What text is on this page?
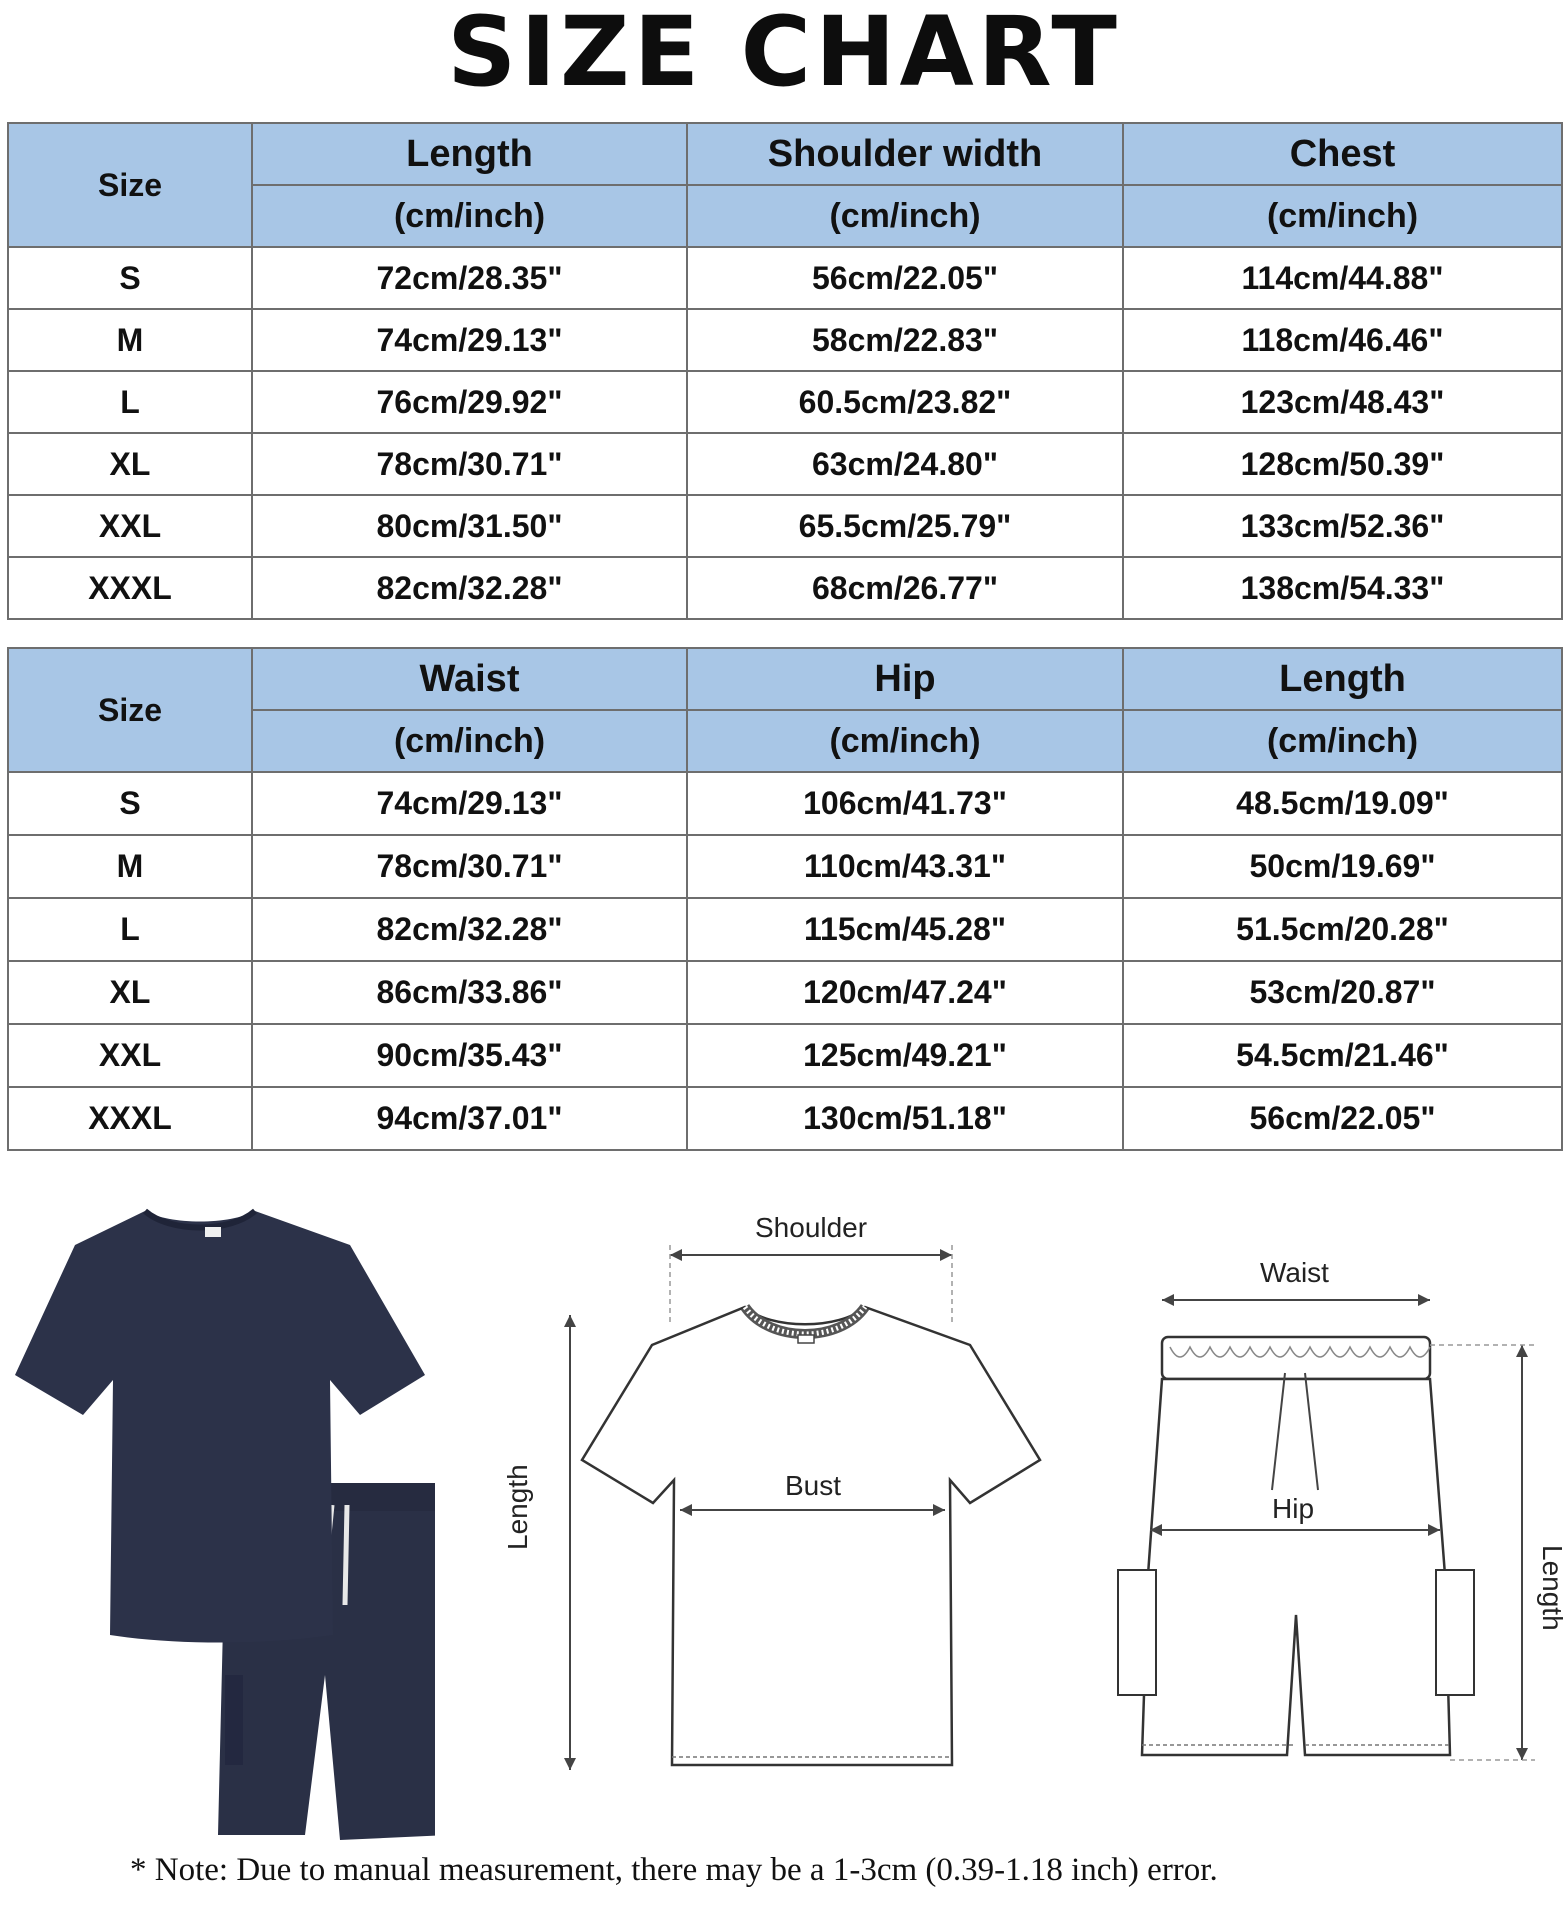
SIZE CHART
Size	Length	Shoulder width	Chest
	(cm/inch)	(cm/inch)	(cm/inch)
S	72cm/28.35"	56cm/22.05"	114cm/44.88"
M	74cm/29.13"	58cm/22.83"	118cm/46.46"
L	76cm/29.92"	60.5cm/23.82"	123cm/48.43"
XL	78cm/30.71"	63cm/24.80"	128cm/50.39"
XXL	80cm/31.50"	65.5cm/25.79"	133cm/52.36"
XXXL	82cm/32.28"	68cm/26.77"	138cm/54.33"
Size	Waist	Hip	Length
	(cm/inch)	(cm/inch)	(cm/inch)
S	74cm/29.13"	106cm/41.73"	48.5cm/19.09"
M	78cm/30.71"	110cm/43.31"	50cm/19.69"
L	82cm/32.28"	115cm/45.28"	51.5cm/20.28"
XL	86cm/33.86"	120cm/47.24"	53cm/20.87"
XXL	90cm/35.43"	125cm/49.21"	54.5cm/21.46"
XXXL	94cm/37.01"	130cm/51.18"	56cm/22.05"
Shoulder
Bust
Length
Waist
Hip
Length
* Note: Due to manual measurement, there may be a 1-3cm (0.39-1.18 inch) error.
